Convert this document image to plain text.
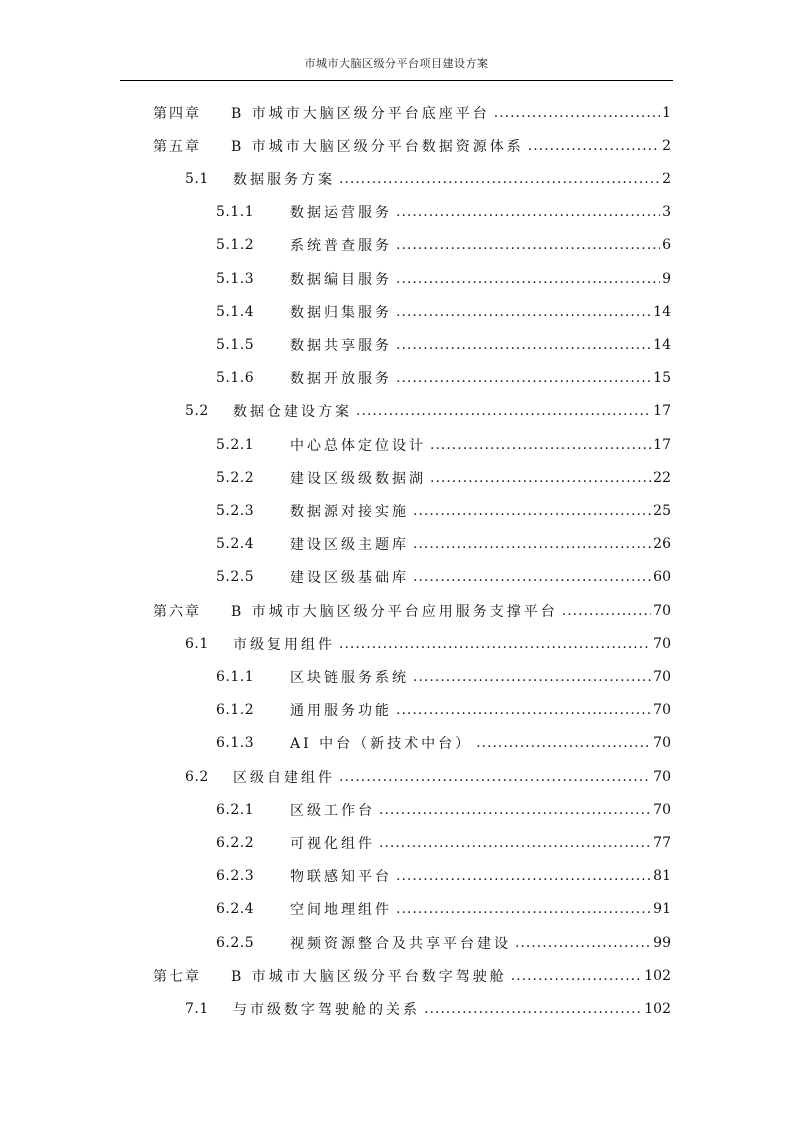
市城市大脑区级分平台项目建设方案
第四章	B 市城市大脑区级分平台底座平台 .....	1
第五章	B 市城市大脑区级分平台数据资源体系 .....	2
5.1	数据服务方案 .....	2
5.1.1	数据运营服务 .....	3
5.1.2	系统普查服务 .....	6
5.1.3	数据编目服务 .....	9
5.1.4	数据归集服务 .....	14
5.1.5	数据共享服务 .....	14
5.1.6	数据开放服务 .....	15
5.2	数据仓建设方案 .....	17
5.2.1	中心总体定位设计 .....	17
5.2.2	建设区级级数据湖 .....	22
5.2.3	数据源对接实施 .....	25
5.2.4	建设区级主题库 .....	26
5.2.5	建设区级基础库 .....	60
第六章	B 市城市大脑区级分平台应用服务支撑平台 .....	70
6.1	市级复用组件 .....	70
6.1.1	区块链服务系统 .....	70
6.1.2	通用服务功能 .....	70
6.1.3	AI 中台（新技术中台） .....	70
6.2	区级自建组件 .....	70
6.2.1	区级工作台 .....	70
6.2.2	可视化组件 .....	77
6.2.3	物联感知平台 .....	81
6.2.4	空间地理组件 .....	91
6.2.5	视频资源整合及共享平台建设 .....	99
第七章	B 市城市大脑区级分平台数字驾驶舱 .....	102
7.1	与市级数字驾驶舱的关系 .....	102
